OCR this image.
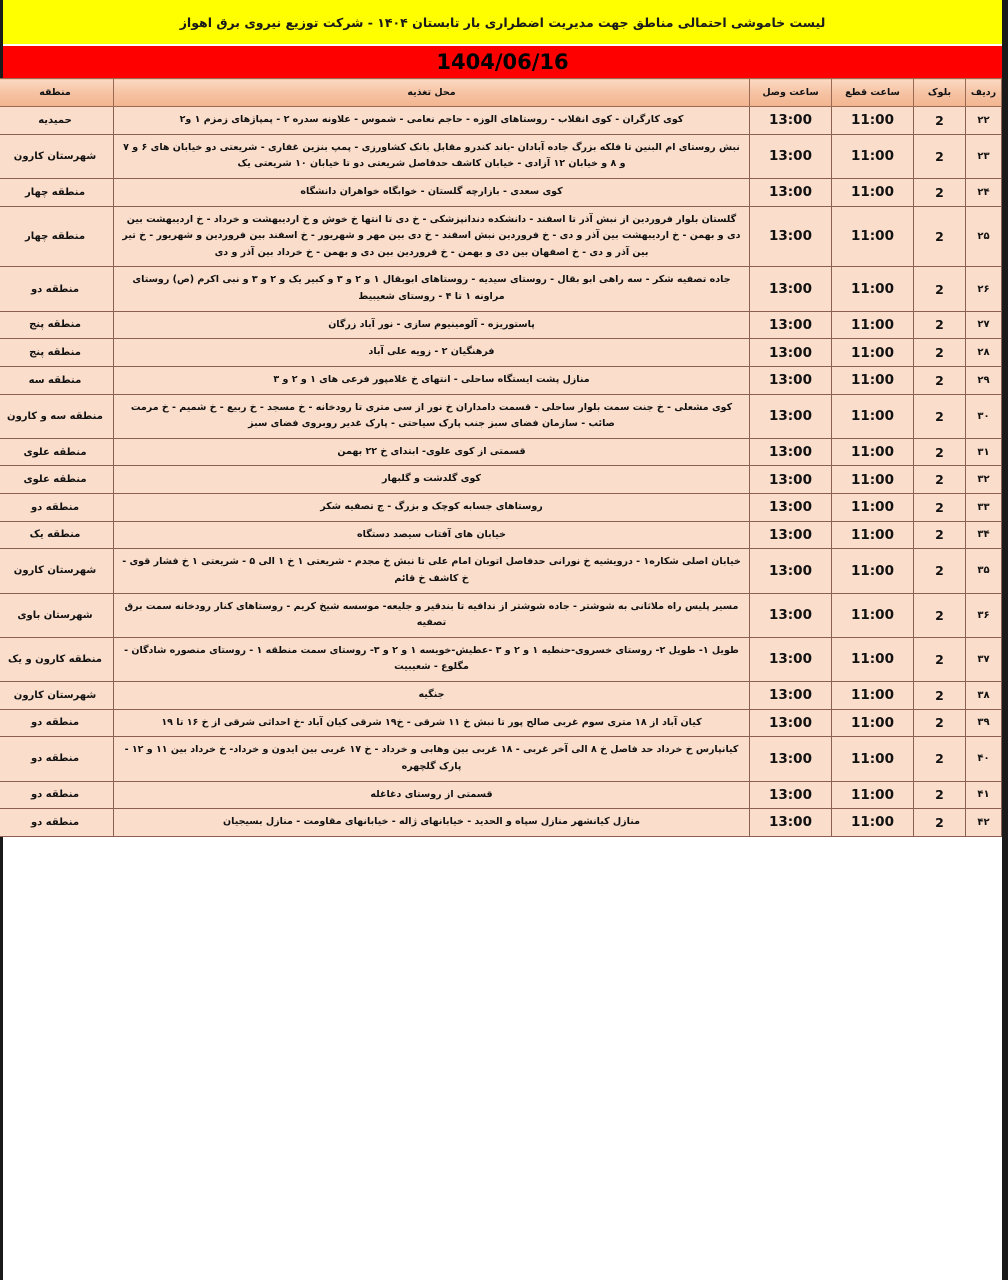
لیست خاموشی احتمالی مناطق جهت مدیریت اضطراری بار تابستان ۱۴۰۴ - شرکت توزیع نیروی برق اهواز
1404/06/16
ردیف	بلوک	ساعت قطع	ساعت وصل	محل تغذیه	منطقه
۲۲	2	11:00	13:00	کوی کارگران - کوی انقلاب - روستاهای الوزه - حاجم نعامی - شموس - علاونه سدره ۲ - پمپاژهای زمزم ۱ و۲	حمیدیه
۲۳	2	11:00	13:00	نبش روستای ام البنین تا فلکه بزرگ جاده آبادان -باند کندرو مقابل بانک کشاورزی - پمپ بنزین غفاری - شریعتی دو خیابان های ۶ و ۷ و ۸ و خیابان ۱۲ آزادی - خیابان کاشف حدفاصل شریعتی دو تا خیابان ۱۰ شریعتی یک	شهرستان کارون
۲۴	2	11:00	13:00	کوی سعدی - بازارچه گلستان - خوابگاه خواهران دانشگاه	منطقه چهار
۲۵	2	11:00	13:00	گلستان بلوار فروردین از نبش آذر تا اسفند - دانشکده دندانپزشکی - خ دی تا انتها خ خوش و خ اردیبهشت و خرداد - خ اردیبهشت بین دی و بهمن - خ اردیبهشت بین آذر و دی - خ فروردین نبش اسفند - خ دی بین مهر و شهریور - خ اسفند بین فروردین و شهریور - خ تیر بین آذر و دی - خ اصفهان بین دی و بهمن - خ فروردین بین دی و بهمن - خ خرداد بین آذر و دی	منطقه چهار
۲۶	2	11:00	13:00	جاده تصفیه شکر - سه راهی ابو بقال - روستای سیدیه - روستاهای ابوبقال ۱ و ۲ و ۳ و کبیر یک و ۲ و ۳ و نبی اکرم (ص) روستای مراونه ۱ تا ۴ - روستای شعیبیط	منطقه دو
۲۷	2	11:00	13:00	پاستوریزه - آلومینیوم سازی - نور آباد زرگان	منطقه پنج
۲۸	2	11:00	13:00	فرهنگیان ۲ - زویه علی آباد	منطقه پنج
۲۹	2	11:00	13:00	منازل پشت ایستگاه ساحلی - انتهای خ غلامپور فرعی های ۱ و ۲ و ۳	منطقه سه
۳۰	2	11:00	13:00	کوی مشعلی - خ جنت سمت بلوار ساحلی - قسمت دامداران خ نور از سی متری تا رودخانه - خ مسجد - خ ربیع - خ شمیم - خ مرمت صائب - سازمان فضای سبز جنب پارک سیاحتی - پارک غدیر روبروی فضای سبز	منطقه سه و کارون
۳۱	2	11:00	13:00	قسمتی از کوی علوی- ابتدای خ ۲۲ بهمن	منطقه علوی
۳۲	2	11:00	13:00	کوی گلدشت و گلبهار	منطقه علوی
۳۳	2	11:00	13:00	روستاهای جسابه کوچک و بزرگ - ج تصفیه شکر	منطقه دو
۳۴	2	11:00	13:00	خیابان های آفتاب سیصد دستگاه	منطقه یک
۳۵	2	11:00	13:00	خیابان اصلی شکاره۱ - درویشیه خ نورانی حدفاصل اتوبان امام علی تا نبش خ مجدم - شریعتی ۱ خ ۱ الی ۵ - شریعتی ۱ خ فشار قوی - خ کاشف خ قائم	شهرستان کارون
۳۶	2	11:00	13:00	مسیر پلیس راه ملاثانی به شوشتر - جاده شوشتر از ندافیه تا بندقیر و جلیعه- موسسه شیخ کریم - روستاهای کنار رودخانه سمت برق تصفیه	شهرستان باوی
۳۷	2	11:00	13:00	طویل ۱- طویل ۲- روستای خسروی-حنطیه ۱ و ۲ و ۳ -عطیش-خویسه ۱ و ۲ و ۳- روستای سمت منطقه ۱ - روستای منصوره شادگان - مگلوع - شعیبیت	منطقه کارون و یک
۳۸	2	11:00	13:00	جنگیه	شهرستان کارون
۳۹	2	11:00	13:00	کیان آباد از ۱۸ متری سوم غربی صالح پور تا نبش خ ۱۱ شرقی - خ۱۹ شرقی کیان آباد -خ احداثی شرقی از خ ۱۶ تا ۱۹	منطقه دو
۴۰	2	11:00	13:00	کیانپارس خ خرداد حد فاصل خ ۸ الی آخر غربی - ۱۸ غربی بین وهابی و خرداد - خ ۱۷ غربی بین ایدون و خرداد- خ خرداد بین ۱۱ و ۱۲ - پارک گلچهره	منطقه دو
۴۱	2	11:00	13:00	قسمتی از روستای دغاغله	منطقه دو
۴۲	2	11:00	13:00	منازل کیانشهر منازل سپاه و الحدید - خیابانهای ژاله - خیابانهای مقاومت - منازل بسیجیان	منطقه دو
